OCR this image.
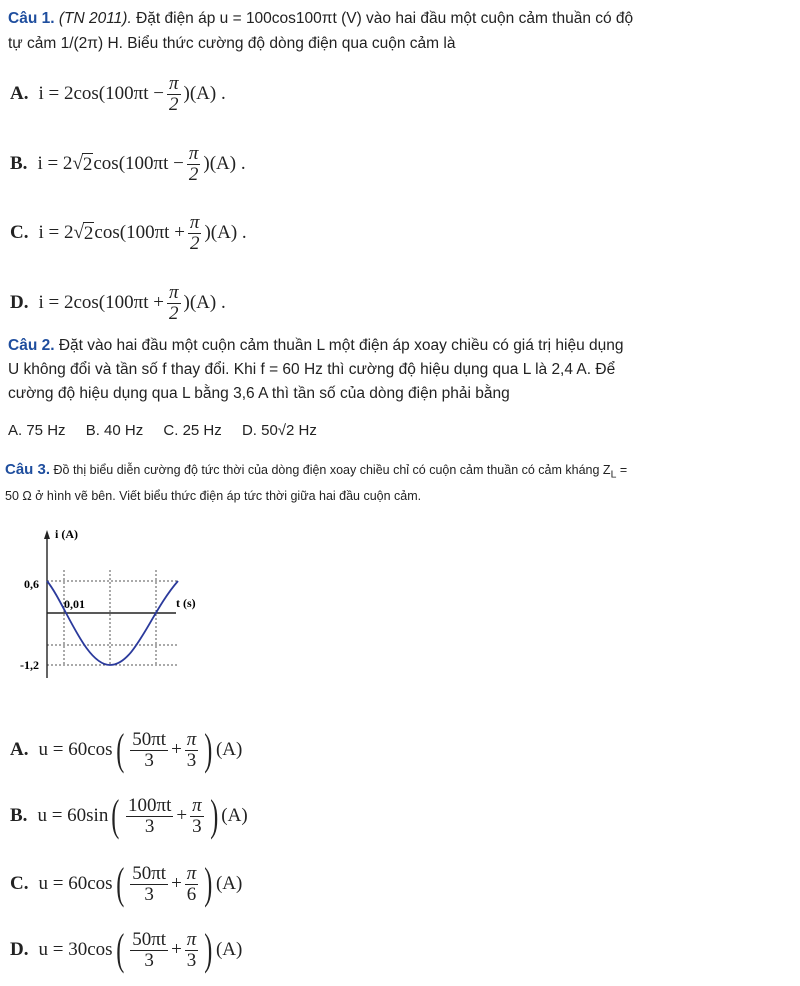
Câu 1. (TN 2011). Đặt điện áp u = 100cos100πt (V) vào hai đầu một cuộn cảm thuần có độ
tự cảm 1/(2π) H. Biểu thức cường độ dòng điện qua cuộn cảm là
A. $i = 2\cos(100\pi t - \frac{\pi}{2} )(A)$ .
B. i = 2 √ 2 $\cos(100\pi t - \frac{\pi}{2} )(A)$ .
C. i = 2 √ 2 $\cos(100\pi t + \frac{\pi}{2} )(A)$ .
D. $i = 2\cos(100\pi t + \frac{\pi}{2} )(A)$ .
Câu 2. Đặt vào hai đầu một cuộn cảm thuần L một điện áp xoay chiều có giá trị hiệu dụng
U không đổi và tần số f thay đổi. Khi f = 60 Hz thì cường độ hiệu dụng qua L là 2,4 A. Để
cường độ hiệu dụng qua L bằng 3,6 A thì tần số của dòng điện phải bằng
A. 75 Hz B. 40 Hz C. 25 Hz D. 50√2 Hz
Câu 3. Đồ thị biểu diễn cường độ tức thời của dòng điện xoay chiều chỉ có cuộn cảm thuần có cảm kháng $Z_L$ =
50 Ω ở hình vẽ bên. Viết biểu thức điện áp tức thời giữa hai đầu cuộn cảm.
i (A)
t (s)
0,6
-1,2
0,01
A. u = 60cos ( $\frac{50\pi t}{3} + \frac{\pi}{3}$ ) (A)
B. u = 60sin ( $\frac{100\pi t}{3} + \frac{\pi}{3}$ ) (A)
C. u = 60cos ( $\frac{50\pi t}{3} + \frac{\pi}{6}$ ) (A)
D. u = 30cos ( $\frac{50\pi t}{3} + \frac{\pi}{3}$ ) (A)
